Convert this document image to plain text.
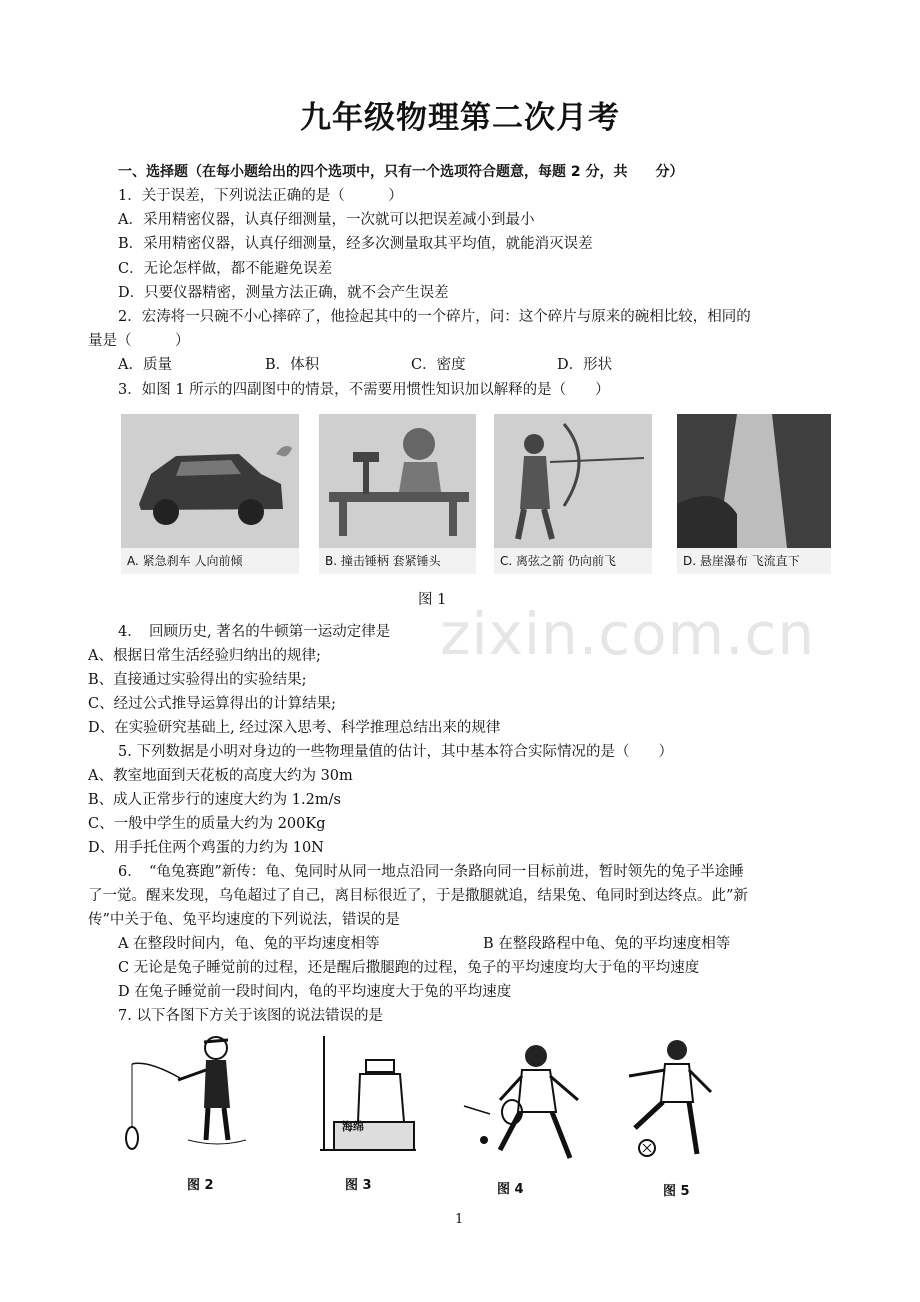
九年级物理第二次月考
一、选择题（在每小题给出的四个选项中，只有一个选项符合题意，每题 2 分，共　　分）
1．关于误差，下列说法正确的是（　　　）
A．采用精密仪器，认真仔细测量，一次就可以把误差减小到最小
B．采用精密仪器，认真仔细测量，经多次测量取其平均值，就能消灭误差
C．无论怎样做，都不能避免误差
D．只要仪器精密，测量方法正确，就不会产生误差
2．宏涛将一只碗不小心摔碎了，他捡起其中的一个碎片，问：这个碎片与原来的碗相比较，相同的
量是（　　　）
A．质量	B．体积	C．密度	D．形状
3．如图 1 所示的四副图中的情景，不需要用惯性知识加以解释的是（　　）
A. 紧急刹车 人向前倾	B. 撞击锤柄 套紧锤头	C. 离弦之箭 仍向前飞	D. 悬崖瀑布 飞流直下
图 1
zixin.com.cn
4．　回顾历史, 著名的牛顿第一运动定律是
A、根据日常生活经验归纳出的规律;
B、直接通过实验得出的实验结果;
C、经过公式推导运算得出的计算结果;
D、在实验研究基础上, 经过深入思考、科学推理总结出来的规律
5. 下列数据是小明对身边的一些物理量值的估计，其中基本符合实际情况的是（　　）
A、教室地面到天花板的高度大约为 30m
B、成人正常步行的速度大约为 1.2m/s
C、一般中学生的质量大约为 200Kg
D、用手托住两个鸡蛋的力约为 10N
6．　“龟兔赛跑”新传：龟、兔同时从同一地点沿同一条路向同一目标前进，暂时领先的兔子半途睡
了一觉。醒来发现，乌龟超过了自己，离目标很近了，于是撒腿就追，结果兔、龟同时到达终点。此”新
传”中关于龟、兔平均速度的下列说法，错误的是
A 在整段时间内，龟、兔的平均速度相等	B 在整段路程中龟、兔的平均速度相等
C 无论是兔子睡觉前的过程，还是醒后撒腿跑的过程，兔子的平均速度均大于龟的平均速度
D 在兔子睡觉前一段时间内，龟的平均速度大于兔的平均速度
7. 以下各图下方关于该图的说法错误的是
图 2
海绵
图 3	图 4	图 5
1
